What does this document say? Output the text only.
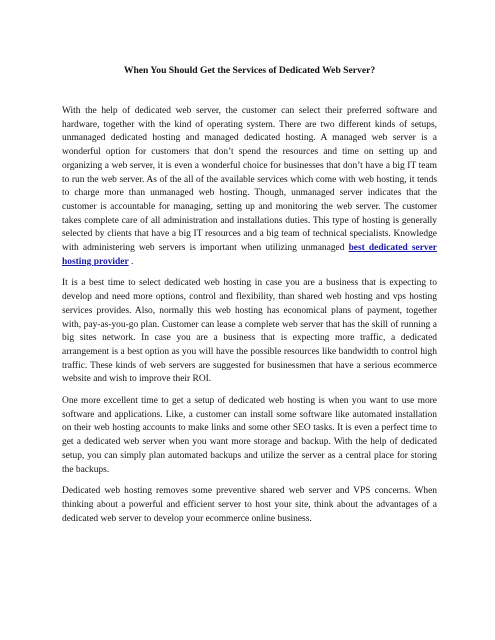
When You Should Get the Services of Dedicated Web Server?

With the help of dedicated web server, the customer can select their preferred software and hardware, together with the kind of operating system. There are two different kinds of setups, unmanaged dedicated hosting and managed dedicated hosting. A managed web server is a wonderful option for customers that don’t spend the resources and time on setting up and organizing a web server, it is even a wonderful choice for businesses that don’t have a big IT team to run the web server. As of the all of the available services which come with web hosting, it tends to charge more than unmanaged web hosting. Though, unmanaged server indicates that the customer is accountable for managing, setting up and monitoring the web server. The customer takes complete care of all administration and installations duties. This type of hosting is generally selected by clients that have a big IT resources and a big team of technical specialists. Knowledge with administering web servers is important when utilizing unmanaged best dedicated server hosting provider .

It is a best time to select dedicated web hosting in case you are a business that is expecting to develop and need more options, control and flexibility, than shared web hosting and vps hosting services provides. Also, normally this web hosting has economical plans of payment, together with, pay-as-you-go plan. Customer can lease a complete web server that has the skill of running a big sites network. In case you are a business that is expecting more traffic, a dedicated arrangement is a best option as you will have the possible resources like bandwidth to control high traffic. These kinds of web servers are suggested for businessmen that have a serious ecommerce website and wish to improve their ROI.

One more excellent time to get a setup of dedicated web hosting is when you want to use more software and applications. Like, a customer can install some software like automated installation on their web hosting accounts to make links and some other SEO tasks. It is even a perfect time to get a dedicated web server when you want more storage and backup. With the help of dedicated setup, you can simply plan automated backups and utilize the server as a central place for storing the backups.

Dedicated web hosting removes some preventive shared web server and VPS concerns. When thinking about a powerful and efficient server to host your site, think about the advantages of a dedicated web server to develop your ecommerce online business.
